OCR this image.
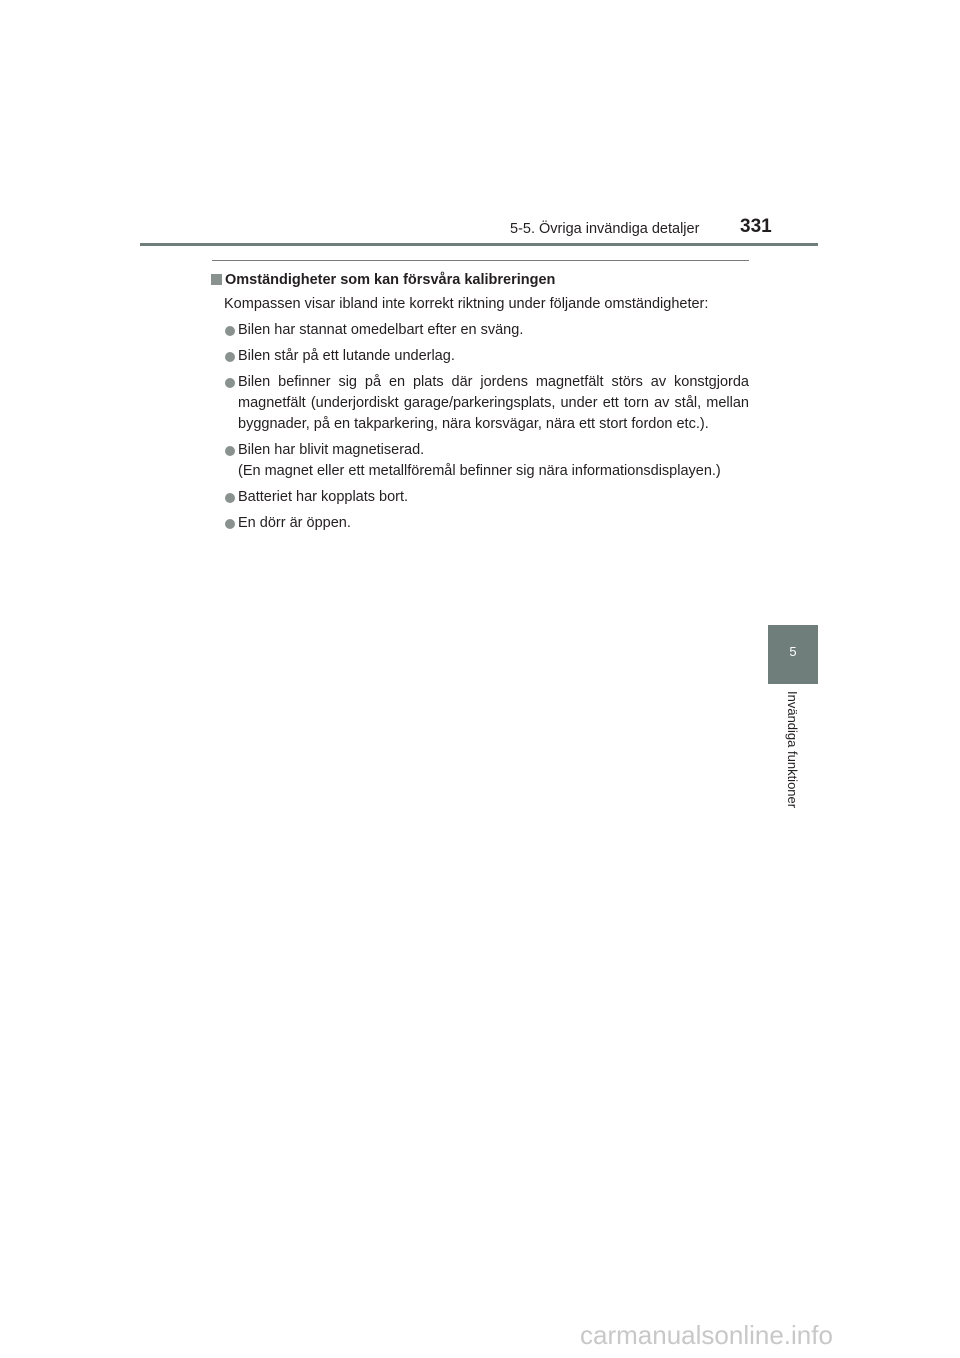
5-5. Övriga invändiga detaljer 331

Omständigheter som kan försvåra kalibreringen

Kompassen visar ibland inte korrekt riktning under följande omständigheter:

Bilen har stannat omedelbart efter en sväng.
Bilen står på ett lutande underlag.
Bilen befinner sig på en plats där jordens magnetfält störs av konstgjorda magnetfält (underjordiskt garage/parkeringsplats, under ett torn av stål, mellan byggnader, på en takparkering, nära korsvägar, nära ett stort fordon etc.).
Bilen har blivit magnetiserad.
(En magnet eller ett metallföremål befinner sig nära informationsdisplayen.)
Batteriet har kopplats bort.
En dörr är öppen.
5
Invändiga funktioner
carmanualsonline.info
